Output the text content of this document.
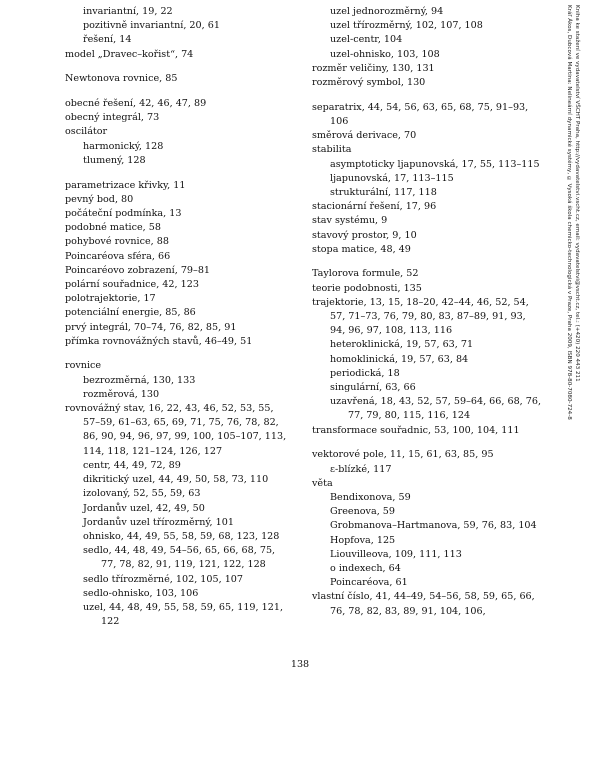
invariantní, 19, 22
pozitivně invariantní, 20, 61
řešení, 14
model „Dravec–kořist“, 74
Newtonova rovnice, 85
obecné řešení, 42, 46, 47, 89
obecný integrál, 73
oscilátor
harmonický, 128
tlumený, 128
parametrizace křivky, 11
pevný bod, 80
počáteční podmínka, 13
podobné matice, 58
pohybové rovnice, 88
Poincaréova sféra, 66
Poincaréovo zobrazení, 79–81
polární souřadnice, 42, 123
polotrajektorie, 17
potenciální energie, 85, 86
prvý integrál, 70–74, 76, 82, 85, 91
přímka rovnovážných stavů, 46–49, 51
rovnice
bezrozměrná, 130, 133
rozměrová, 130
rovnovážný stav, 16, 22, 43, 46, 52, 53, 55, 57–59, 61–63, 65, 69, 71, 75, 76, 78, 82, 86, 90, 94, 96, 97, 99, 100, 105–107, 113, 114, 118, 121–124, 126, 127
centr, 44, 49, 72, 89
dikritický uzel, 44, 49, 50, 58, 73, 110
izolovaný, 52, 55, 59, 63
Jordanův uzel, 42, 49, 50
Jordanův uzel třírozměrný, 101
ohnisko, 44, 49, 55, 58, 59, 68, 123, 128
sedlo, 44, 48, 49, 54–56, 65, 66, 68, 75, 77, 78, 82, 91, 119, 121, 122, 128
sedlo třírozměrné, 102, 105, 107
sedlo-ohnisko, 103, 106
uzel, 44, 48, 49, 55, 58, 59, 65, 119, 121, 122
uzel jednorozměrný, 94
uzel třírozměrný, 102, 107, 108
uzel-centr, 104
uzel-ohnisko, 103, 108
rozměr veličiny, 130, 131
rozměrový symbol, 130
separatrix, 44, 54, 56, 63, 65, 68, 75, 91–93, 106
směrová derivace, 70
stabilita
asymptoticky ljapunovská, 17, 55, 113–115
ljapunovská, 17, 113–115
strukturální, 117, 118
stacionární řešení, 17, 96
stav systému, 9
stavový prostor, 9, 10
stopa matice, 48, 49
Taylorova formule, 52
teorie podobnosti, 135
trajektorie, 13, 15, 18–20, 42–44, 46, 52, 54, 57, 71–73, 76, 79, 80, 83, 87–89, 91, 93, 94, 96, 97, 108, 113, 116
heteroklinická, 19, 57, 63, 71
homoklinická, 19, 57, 63, 84
periodická, 18
singulární, 63, 66
uzavřená, 18, 43, 52, 57, 59–64, 66, 68, 76, 77, 79, 80, 115, 116, 124
transformace souřadnic, 53, 100, 104, 111
vektorové pole, 11, 15, 61, 63, 85, 95
ε-blízké, 117
věta
Bendixonova, 59
Greenova, 59
Grobmanova–Hartmanova, 59, 76, 83, 104
Hopfova, 125
Liouvilleova, 109, 111, 113
o indexech, 64
Poincaréova, 61
vlastní číslo, 41, 44–49, 54–56, 58, 59, 65, 66, 76, 78, 82, 83, 89, 91, 104, 106,
138
Kráľ Ákos, Dubcová Martina: Nelineární dynamické systémy, © Vysoká škola chemicko-technologická v Praze, Praha 2009, ISBN 978-80-7080-724-8 Kniha ke stažení ve vydavatelství VŠCHT Praha, http://vydavatelstvi.vscht.cz, email: vydavatelstvi@vscht.cz, tel.: (+420) 220 443 211
